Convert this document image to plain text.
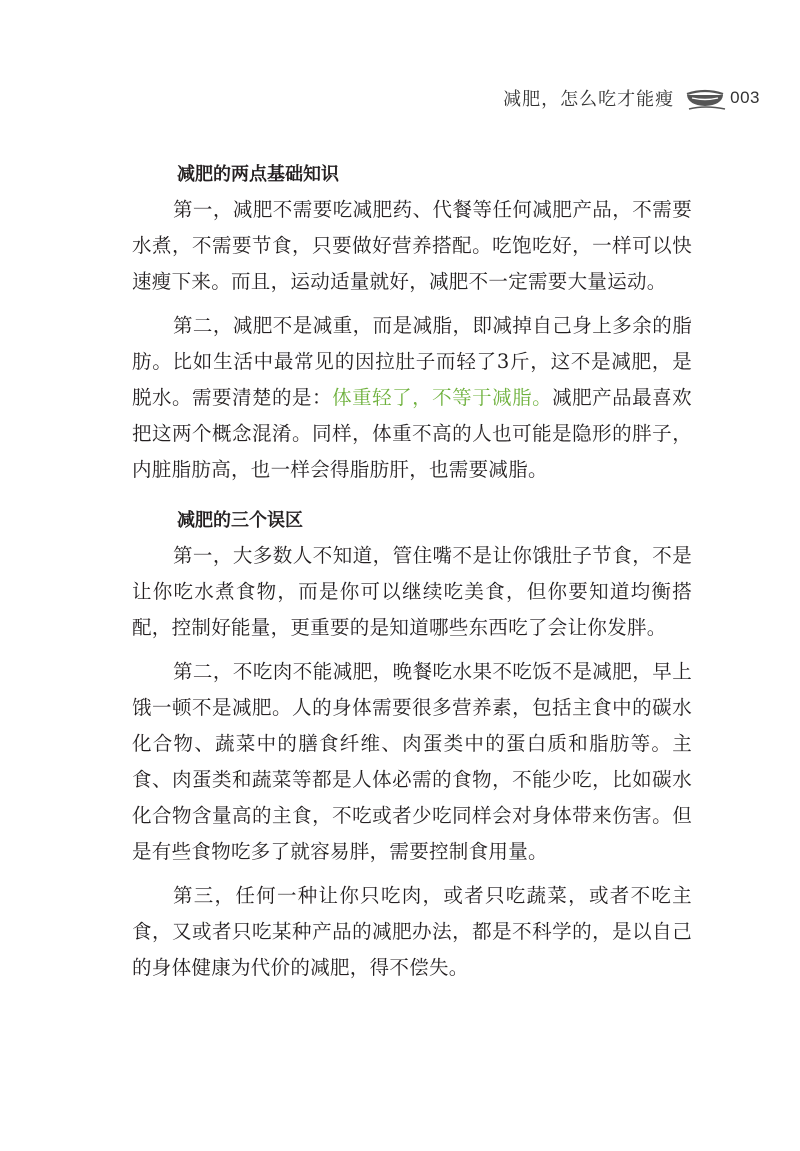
减肥，怎么吃才能瘦	003
减肥的两点基础知识

第一，减肥不需要吃减肥药、代餐等任何减肥产品，不需要水煮，不需要节食，只要做好营养搭配。吃饱吃好，一样可以快速瘦下来。而且，运动适量就好，减肥不一定需要大量运动。

第二，减肥不是减重，而是减脂，即减掉自己身上多余的脂肪。比如生活中最常见的因拉肚子而轻了3斤，这不是减肥，是脱水。需要清楚的是：体重轻了，不等于减脂。减肥产品最喜欢把这两个概念混淆。同样，体重不高的人也可能是隐形的胖子，内脏脂肪高，也一样会得脂肪肝，也需要减脂。

减肥的三个误区

第一，大多数人不知道，管住嘴不是让你饿肚子节食，不是让你吃水煮食物，而是你可以继续吃美食，但你要知道均衡搭配，控制好能量，更重要的是知道哪些东西吃了会让你发胖。

第二，不吃肉不能减肥，晚餐吃水果不吃饭不是减肥，早上饿一顿不是减肥。人的身体需要很多营养素，包括主食中的碳水化合物、蔬菜中的膳食纤维、肉蛋类中的蛋白质和脂肪等。主食、肉蛋类和蔬菜等都是人体必需的食物，不能少吃，比如碳水化合物含量高的主食，不吃或者少吃同样会对身体带来伤害。但是有些食物吃多了就容易胖，需要控制食用量。

第三，任何一种让你只吃肉，或者只吃蔬菜，或者不吃主食，又或者只吃某种产品的减肥办法，都是不科学的，是以自己的身体健康为代价的减肥，得不偿失。
